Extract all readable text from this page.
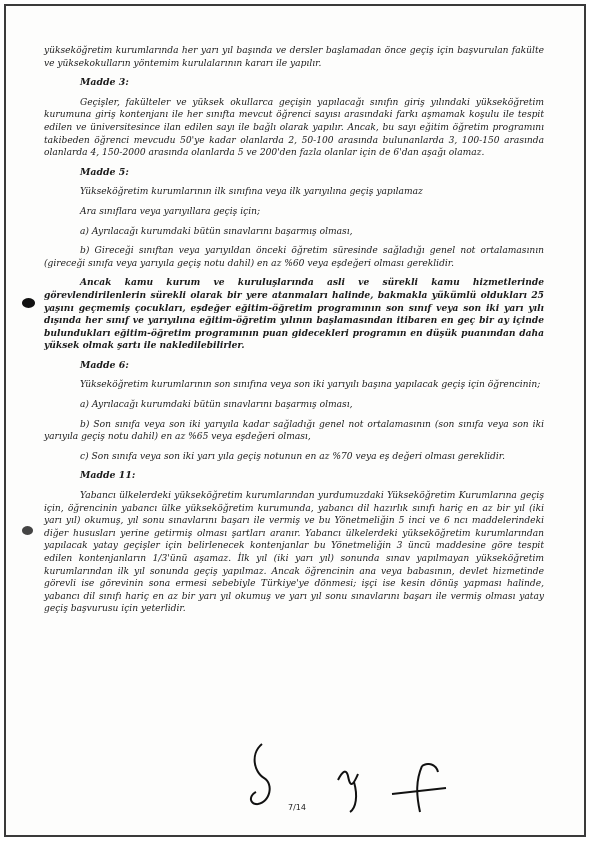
yükseköğretim kurumlarında her yarı yıl başında ve dersler başlamadan önce geçiş için başvurulan fakülte ve yüksekokulların yöntemim kurulalarının kararı ile yapılır.

Madde 3:

Geçişler, fakülteler ve yüksek okullarca geçişin yapılacağı sınıfın giriş yılındaki yükseköğretim kurumuna giriş kontenjanı ile her sınıfta mevcut öğrenci sayısı arasındaki farkı aşmamak koşulu ile tespit edilen ve üniversitesince ilan edilen sayı ile bağlı olarak yapılır. Ancak, bu sayı eğitim öğretim programını takibeden öğrenci mevcudu 50'ye kadar olanlarda 2, 50-100 arasında bulunanlarda 3, 100-150 arasında olanlarda 4, 150-2000 arasında olanlarda 5 ve 200'den fazla olanlar için de 6'dan aşağı olamaz.

Madde 5:

Yükseköğretim kurumlarının ilk sınıfına veya ilk yarıyılına geçiş yapılamaz

Ara sınıflara veya yarıyıllara geçiş için;

a) Ayrılacağı kurumdaki bütün sınavlarını başarmış olması,

b) Gireceği sınıftan veya yarıyıldan önceki öğretim süresinde sağladığı genel not ortalamasının (gireceği sınıfa veya yarıyıla geçiş notu dahil) en az %60 veya eşdeğeri olması gereklidir.

Ancak kamu kurum ve kuruluşlarında asli ve sürekli kamu hizmetlerinde görevlendirilenlerin sürekli olarak bir yere atanmaları halinde, bakmakla yükümlü oldukları 25 yaşını geçmemiş çocukları, eşdeğer eğitim-öğretim programının son sınıf veya son iki yarı yılı dışında her sınıf ve yarıyılına eğitim-öğretim yılının başlamasından itibaren en geç bir ay içinde bulundukları eğitim-öğretim programının puan gidecekleri programın en düşük puanından daha yüksek olmak şartı ile nakledilebilirler.

Madde 6:

Yükseköğretim kurumlarının son sınıfına veya son iki yarıyılı başına yapılacak geçiş için öğrencinin;

a) Ayrılacağı kurumdaki bütün sınavlarını başarmış olması,

b) Son sınıfa veya son iki yarıyıla kadar sağladığı genel not ortalamasının (son sınıfa veya son iki yarıyıla geçiş notu dahil) en az %65 veya eşdeğeri olması,

c) Son sınıfa veya son iki yarı yıla geçiş notunun en az %70 veya eş değeri olması gereklidir.

Madde 11:

Yabancı ülkelerdeki yükseköğretim kurumlarından yurdumuzdaki Yükseköğretim Kurumlarına geçiş için, öğrencinin yabancı ülke yükseköğretim kurumunda, yabancı dil hazırlık sınıfı hariç en az bir yıl (iki yarı yıl) okumuş, yıl sonu sınavlarını başarı ile vermiş ve bu Yönetmeliğin 5 inci ve 6 ncı maddelerindeki diğer hususları yerine getirmiş olması şartları aranır. Yabancı ülkelerdeki yükseköğretim kurumlarından yapılacak yatay geçişler için belirlenecek kontenjanlar bu Yönetmeliğin 3 üncü maddesine göre tespit edilen kontenjanların 1/3'ünü aşamaz. İlk yıl (iki yarı yıl) sonunda sınav yapılmayan yükseköğretim kurumlarından ilk yıl sonunda geçiş yapılmaz. Ancak öğrencinin ana veya babasının, devlet hizmetinde görevli ise görevinin sona ermesi sebebiyle Türkiye'ye dönmesi; işçi ise kesin dönüş yapması halinde, yabancı dil sınıfı hariç en az bir yarı yıl okumuş ve yarı yıl sonu sınavlarını başarı ile vermiş olması yatay geçiş başvurusu için yeterlidir.

7/14
